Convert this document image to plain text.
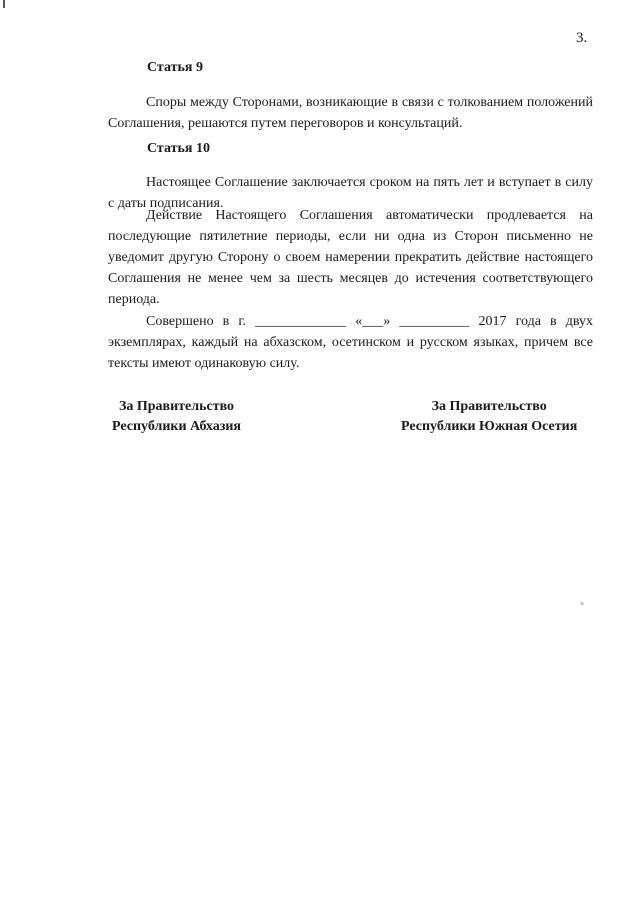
3.
Статья 9
Споры между Сторонами, возникающие в связи с толкованием положений Соглашения, решаются путем переговоров и консультаций.
Статья 10
Настоящее Соглашение заключается сроком на пять лет и вступает в силу с даты подписания.
Действие Настоящего Соглашения автоматически продлевается на последующие пятилетние периоды, если ни одна из Сторон письменно не уведомит другую Сторону о своем намерении прекратить действие настоящего Соглашения не менее чем за шесть месяцев до истечения соответствующего периода.
Совершено в г. _____________ «___» __________ 2017 года в двух экземплярах, каждый на абхазском, осетинском и русском языках, причем все тексты имеют одинаковую силу.
За Правительство
Республики Абхазия
За Правительство
Республики Южная Осетия
